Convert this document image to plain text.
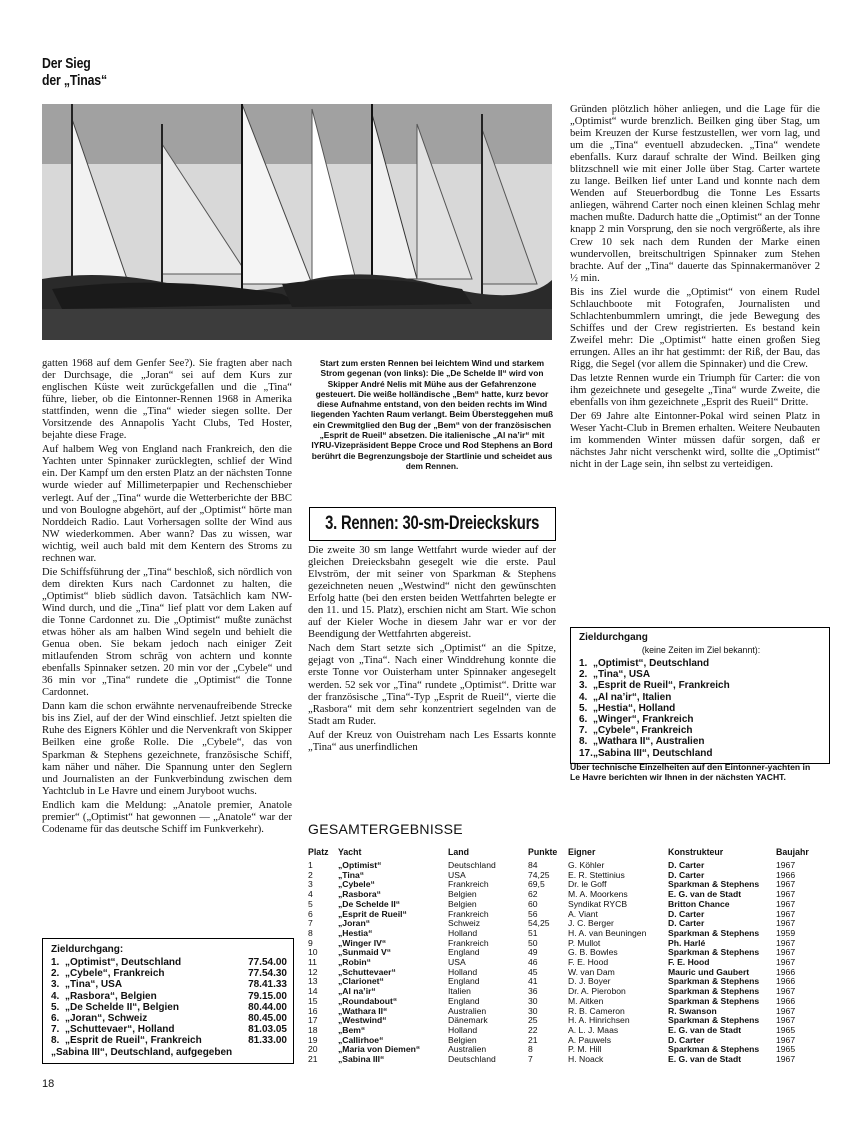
Der Sieg
der „Tinas“

gatten 1968 auf dem Genfer See?). Sie fragten aber nach der Durchsage, die „Joran“ sei auf dem Kurs zur englischen Küste weit zurückgefallen und die „Tina“ führe, lieber, ob die Eintonner-Rennen 1968 in Amerika stattfinden, wenn die „Tina“ wieder siegen sollte. Der Vorsitzende des Annapolis Yacht Clubs, Ted Hoster, bejahte diese Frage.

Auf halbem Weg von England nach Frankreich, den die Yachten unter Spinnaker zurücklegten, schlief der Wind ein. Der Kampf um den ersten Platz an der nächsten Tonne wurde wieder auf Millimeterpapier und Rechenschieber verlegt. Auf der „Tina“ wurde die Wetterberichte der BBC und von Boulogne abgehört, auf der „Optimist“ hörte man Norddeich Radio. Laut Vorhersagen sollte der Wind aus NW wiederkommen. Aber wann? Das zu wissen, war wichtig, weil auch bald mit dem Kentern des Stroms zu rechnen war.

Die Schiffsführung der „Tina“ beschloß, sich nördlich von dem direkten Kurs nach Cardonnet zu halten, die „Optimist“ blieb südlich davon. Tatsächlich kam NW-Wind durch, und die „Tina“ lief platt vor dem Laken auf die Tonne Cardonnet zu. Die „Optimist“ mußte zunächst etwas höher als am halben Wind segeln und behielt die Genua oben. Sie bekam jedoch nach einiger Zeit mitlaufenden Strom schräg von achtern und konnte ebenfalls Spinnaker setzen. 20 min vor der „Cybele“ und 36 min vor „Tina“ rundete die „Optimist“ die Tonne Cardonnet.

Dann kam die schon erwähnte nervenaufreibende Strecke bis ins Ziel, auf der der Wind einschlief. Jetzt spielten die Ruhe des Eigners Köhler und die Nervenkraft von Skipper Beilken eine große Rolle. Die „Cybele“, das von Sparkman & Stephens gezeichnete, französische Schiff, kam näher und näher. Die Spannung unter den Seglern und Journalisten an der Funkverbindung zwischen dem Yachtclub in Le Havre und einem Juryboot wuchs.

Endlich kam die Meldung: „Anatole premier, Anatole premier“ („Optimist“ hat gewonnen — „Anatole“ war der Codename für das deutsche Schiff im Funkverkehr).

Start zum ersten Rennen bei leichtem Wind und starkem Strom gegenan (von links): Die „De Schelde II“ wird von Skipper André Nelis mit Mühe aus der Gefahrenzone gesteuert. Die weiße holländische „Bem“ hatte, kurz bevor diese Aufnahme entstand, von den beiden rechts im Wind liegenden Yachten Raum verlangt. Beim Übersteggehen muß ein Crewmitglied den Bug der „Bem“ von der französischen „Esprit de Rueil“ absetzen. Die italienische „Al na’ir“ mit IYRU-Vizepräsident Beppe Croce und Rod Stephens an Bord berührt die Begrenzungsboje der Startlinie und scheidet aus dem Rennen.
3. Rennen: 30-sm-Dreieckskurs

Die zweite 30 sm lange Wettfahrt wurde wieder auf der gleichen Dreiecksbahn gesegelt wie die erste. Paul Elvström, der mit seiner von Sparkman & Stephens gezeichneten neuen „Westwind“ nicht den gewünschten Erfolg hatte (bei den ersten beiden Wettfahrten belegte er den 11. und 15. Platz), erschien nicht am Start. Wie schon auf der Kieler Woche in diesem Jahr war er vor der Beendigung der Wettfahrten abgereist.

Nach dem Start setzte sich „Optimist“ an die Spitze, gejagt von „Tina“. Nach einer Winddrehung konnte die erste Tonne vor Ouisterham unter Spinnaker angesegelt werden. 52 sek vor „Tina“ rundete „Optimist“. Dritte war der französische „Tina“-Typ „Esprit de Rueil“, vierte die „Rasbora“ mit dem sehr konzentriert segelnden van de Stadt am Ruder.

Auf der Kreuz von Ouistreham nach Les Essarts konnte „Tina“ aus unerfindlichen

Gründen plötzlich höher anliegen, und die Lage für die „Optimist“ wurde brenzlich. Beilken ging über Stag, um beim Kreuzen der Kurse festzustellen, wer vorn lag, und um die „Tina“ eventuell abzudecken. „Tina“ wendete ebenfalls. Kurz darauf schralte der Wind. Beilken ging blitzschnell wie mit einer Jolle über Stag. Carter wartete zu lange. Beilken lief unter Land und konnte nach dem Wenden auf Steuerbordbug die Tonne Les Essarts anliegen, während Carter noch einen kleinen Schlag mehr machen mußte. Dadurch hatte die „Optimist“ an der Tonne knapp 2 min Vorsprung, den sie noch vergrößerte, als ihre Crew 10 sek nach dem Runden der Marke einen wundervollen, breitschultrigen Spinnaker zum Stehen brachte. Auf der „Tina“ dauerte das Spinnakermanöver 2 ½ min.

Bis ins Ziel wurde die „Optimist“ von einem Rudel Schlauchboote mit Fotografen, Journalisten und Schlachtenbummlern umringt, die jede Bewegung des Schiffes und der Crew registrierten. Es bestand kein Zweifel mehr: Die „Optimist“ hatte einen großen Sieg errungen. Alles an ihr hat gestimmt: der Riß, der Bau, das Rigg, die Segel (vor allem die Spinnaker) und die Crew.

Das letzte Rennen wurde ein Triumph für Carter: die von ihm gezeichnete und gesegelte „Tina“ wurde Zweite, die ebenfalls von ihm gezeichnete „Esprit des Rueil“ Dritte.

Der 69 Jahre alte Eintonner-Pokal wird seinen Platz in Weser Yacht-Club in Bremen erhalten. Weitere Neubauten im kommenden Winter müssen dafür sorgen, daß er nächstes Jahr nicht verschenkt wird, sollte die „Optimist“ nicht in der Lage sein, ihn selbst zu verteidigen.

Zieldurchgang
(keine Zeiten im Ziel bekannt):
1. „Optimist“, Deutschland
2. „Tina“, USA
3. „Esprit de Rueil“, Frankreich
4. „Al na’ir“, Italien
5. „Hestia“, Holland
6. „Winger“, Frankreich
7. „Cybele“, Frankreich
8. „Wathara II“, Australien
17. „Sabina III“, Deutschland
Über technische Einzelheiten auf den Eintonner-yachten in Le Havre berichten wir Ihnen in der nächsten YACHT.
Zieldurchgang:
1. „Optimist“, Deutschland	77.54.00
2. „Cybele“, Frankreich	77.54.30
3. „Tina“, USA	78.41.33
4. „Rasbora“, Belgien	79.15.00
5. „De Schelde II“, Belgien	80.44.00
6. „Joran“, Schweiz	80.45.00
7. „Schuttevaer“, Holland	81.03.05
8. „Esprit de Rueil“, Frankreich	81.33.00
„Sabina III“, Deutschland, aufgegeben
GESAMTERGEBNISSE
Platz	Yacht	Land	Punkte	Eigner	Konstrukteur	Baujahr
1	„Optimist“	Deutschland	84	G. Köhler	D. Carter	1967
2	„Tina“	USA	74,25	E. R. Stettinius	D. Carter	1966
3	„Cybele“	Frankreich	69,5	Dr. le Goff	Sparkman & Stephens	1967
4	„Rasbora“	Belgien	62	M. A. Moorkens	E. G. van de Stadt	1967
5	„De Schelde II“	Belgien	60	Syndikat RYCB	Britton Chance	1967
6	„Esprit de Rueil“	Frankreich	56	A. Viant	D. Carter	1967
7	„Joran“	Schweiz	54,25	J. C. Berger	D. Carter	1967
8	„Hestia“	Holland	51	H. A. van Beuningen	Sparkman & Stephens	1959
9	„Winger IV“	Frankreich	50	P. Mullot	Ph. Harlé	1967
10	„Sunmaid V“	England	49	G. B. Bowles	Sparkman & Stephens	1967
11	„Robin“	USA	46	F. E. Hood	F. E. Hood	1967
12	„Schuttevaer“	Holland	45	W. van Dam	Mauric und Gaubert	1966
13	„Clarionet“	England	41	D. J. Boyer	Sparkman & Stephens	1966
14	„Al na’ir“	Italien	36	Dr. A. Pierobon	Sparkman & Stephens	1967
15	„Roundabout“	England	30	M. Aitken	Sparkman & Stephens	1966
16	„Wathara II“	Australien	30	R. B. Cameron	R. Swanson	1967
17	„Westwind“	Dänemark	25	H. A. Hinrichsen	Sparkman & Stephens	1967
18	„Bem“	Holland	22	A. L. J. Maas	E. G. van de Stadt	1965
19	„Callirhoe“	Belgien	21	A. Pauwels	D. Carter	1967
20	„Maria von Diemen“	Australien	8	P. M. Hill	Sparkman & Stephens	1965
21	„Sabina III“	Deutschland	7	H. Noack	E. G. van de Stadt	1967
18
